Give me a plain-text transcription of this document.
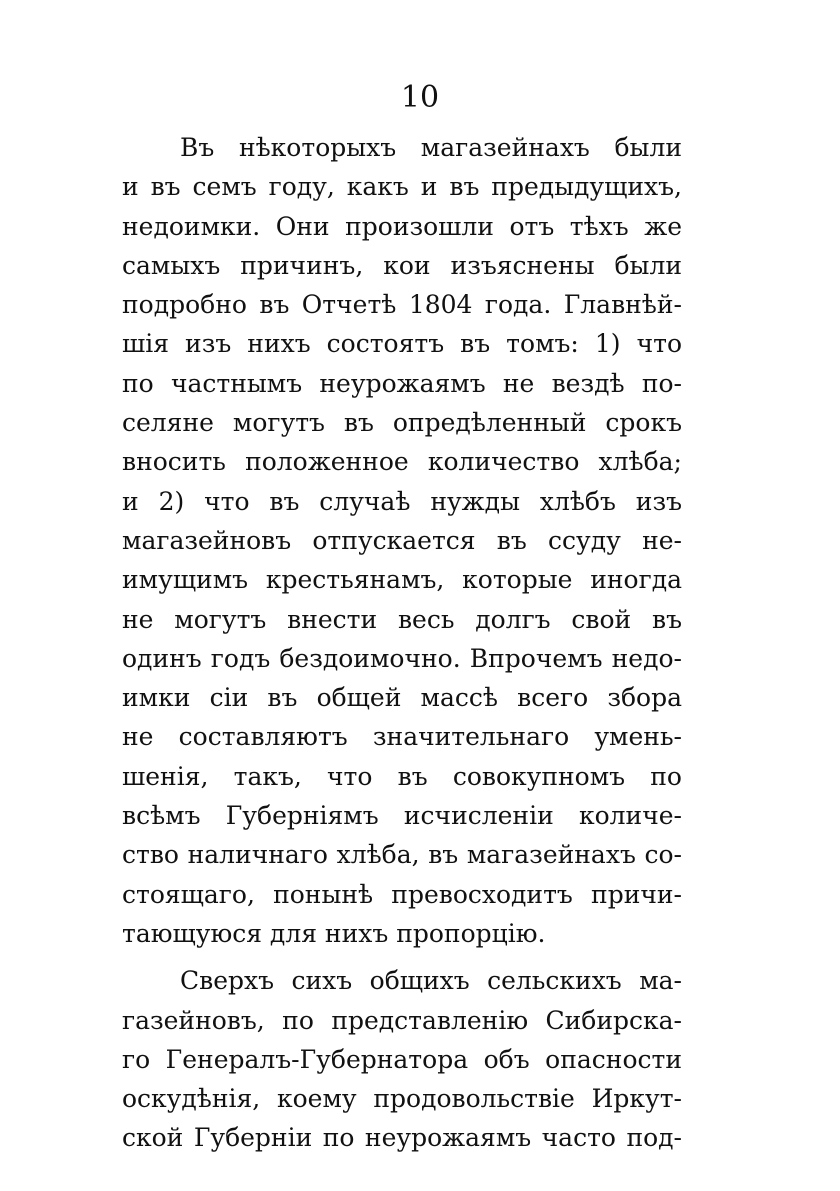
10
Въ нѣкоторыхъ магазейнахъ были
и въ семъ году, какъ и въ предыдущихъ,
недоимки. Они произошли отъ тѣхъ же
самыхъ причинъ, кои изъяснены были
подробно въ Отчетѣ 1804 года. Главнѣй-
шія изъ нихъ состоятъ въ томъ: 1) что
по частнымъ неурожаямъ не вездѣ по-
селяне могутъ въ опредѣленный срокъ
вносить положенное количество хлѣба;
и 2) что въ случаѣ нужды хлѣбъ изъ
магазейновъ отпускается въ ссуду не-
имущимъ крестьянамъ, которые иногда
не могутъ внести весь долгъ свой въ
одинъ годъ бездоимочно. Впрочемъ недо-
имки сіи въ общей массѣ всего збора
не составляютъ значительнаго умень-
шенія, такъ, что въ совокупномъ по
всѣмъ Губерніямъ исчисленіи количе-
ство наличнаго хлѣба, въ магазейнахъ со-
стоящаго, понынѣ превосходитъ причи-
тающуюся для нихъ пропорцію.
Сверхъ сихъ общихъ сельскихъ ма-
газейновъ, по представленію Сибирска-
го Генералъ-Губернатора объ опасности
оскудѣнія, коему продовольствіе Иркут-
ской Губерніи по неурожаямъ часто под-
